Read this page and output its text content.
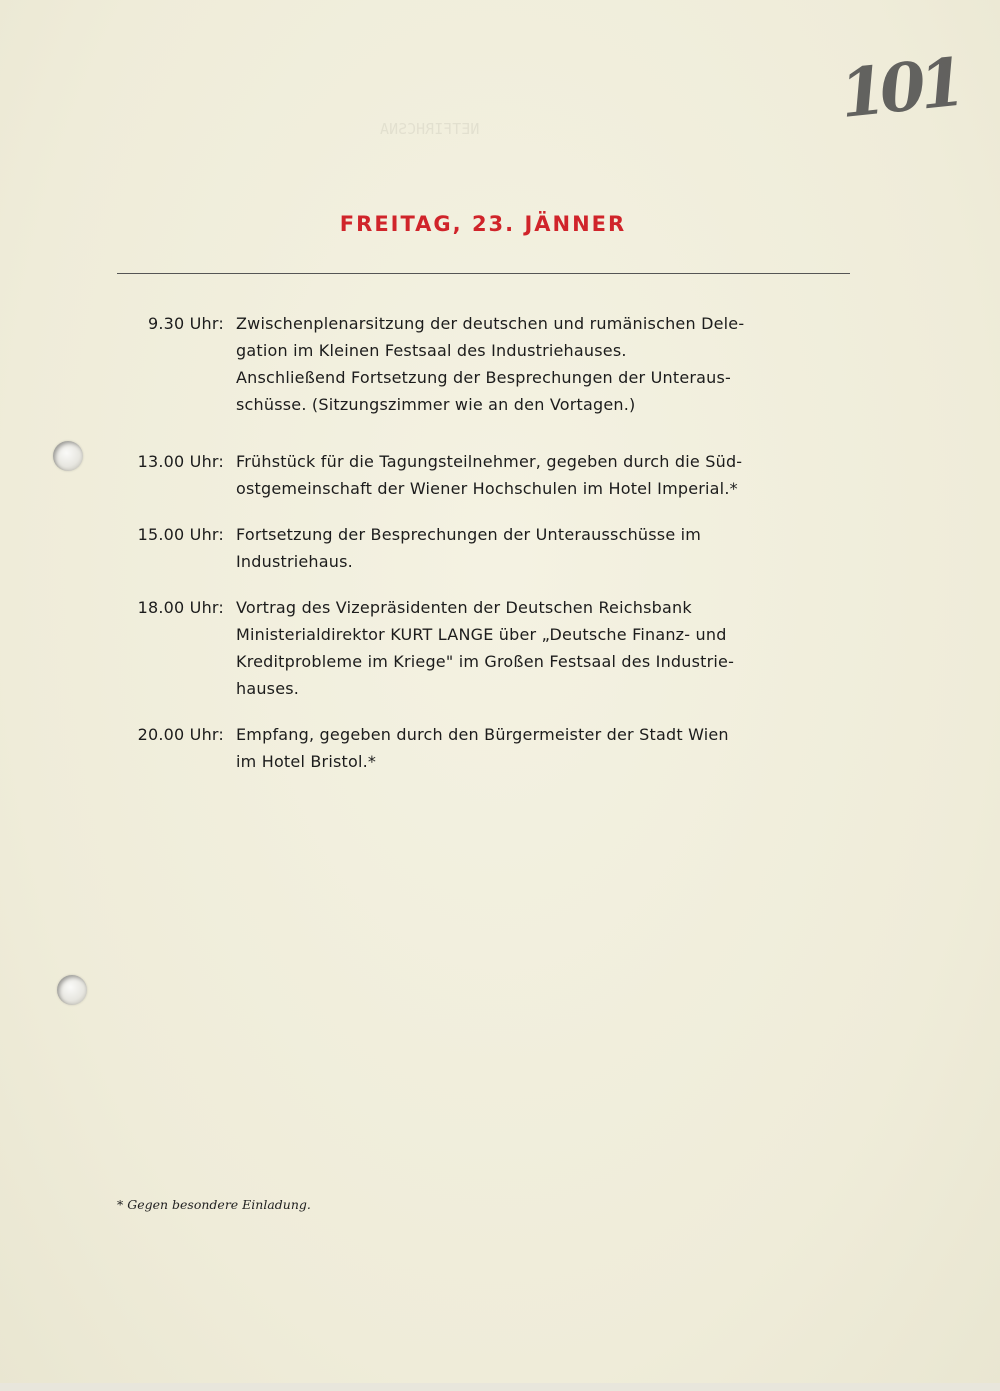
NETFIRHCSNA	101
FREITAG, 23. JÄNNER
9.30 Uhr: Zwischenplenarsitzung der deutschen und rumänischen Dele-

gation im Kleinen Festsaal des Industriehauses.

Anschließend Fortsetzung der Besprechungen der Unteraus-

schüsse. (Sitzungszimmer wie an den Vortagen.)

13.00 Uhr: Frühstück für die Tagungsteilnehmer, gegeben durch die Süd-

ostgemeinschaft der Wiener Hochschulen im Hotel Imperial.*

15.00 Uhr: Fortsetzung der Besprechungen der Unterausschüsse im

Industriehaus.

18.00 Uhr: Vortrag des Vizepräsidenten der Deutschen Reichsbank

Ministerialdirektor KURT LANGE über „Deutsche Finanz- und

Kreditprobleme im Kriege" im Großen Festsaal des Industrie-

hauses.

20.00 Uhr: Empfang, gegeben durch den Bürgermeister der Stadt Wien

im Hotel Bristol.*

* Gegen besondere Einladung.
